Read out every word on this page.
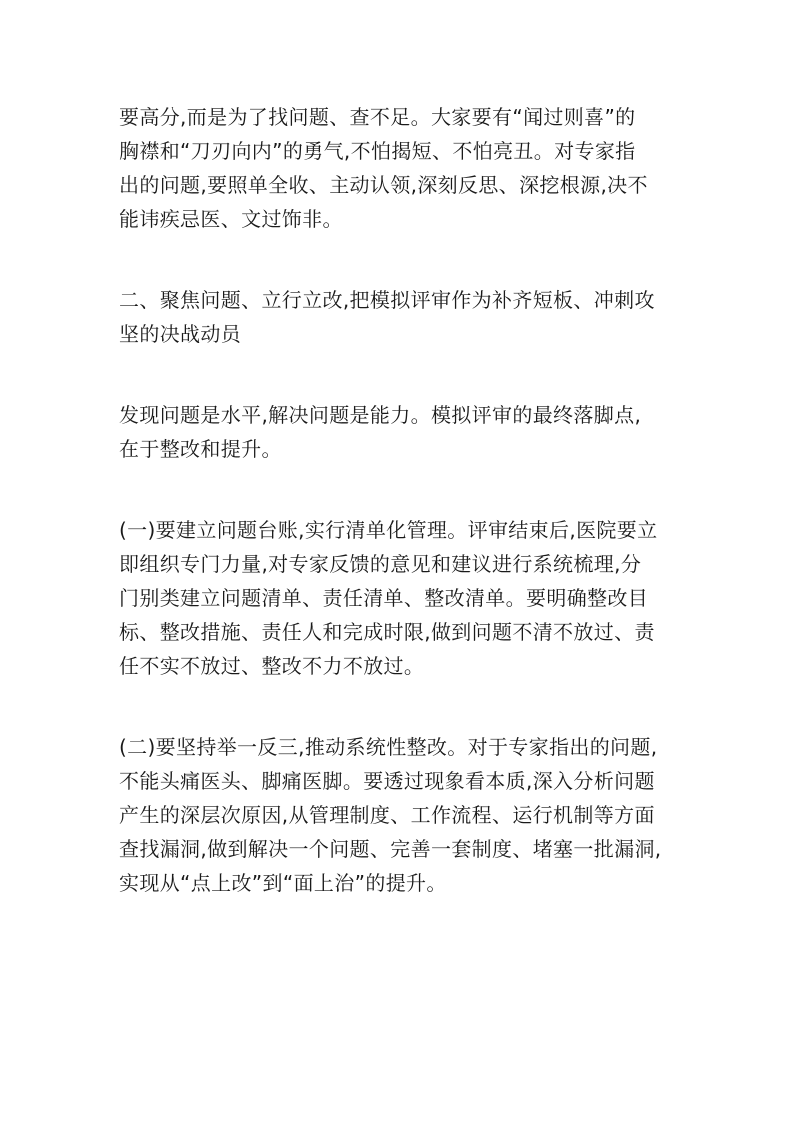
要高分,而是为了找问题、查不足。大家要有“闻过则喜”的
胸襟和“刀刃向内”的勇气,不怕揭短、不怕亮丑。对专家指
出的问题,要照单全收、主动认领,深刻反思、深挖根源,决不
能讳疾忌医、文过饰非。

二、聚焦问题、立行立改,把模拟评审作为补齐短板、冲刺攻
坚的决战动员

发现问题是水平,解决问题是能力。模拟评审的最终落脚点,
在于整改和提升。

(一)要建立问题台账,实行清单化管理。评审结束后,医院要立
即组织专门力量,对专家反馈的意见和建议进行系统梳理,分
门别类建立问题清单、责任清单、整改清单。要明确整改目
标、整改措施、责任人和完成时限,做到问题不清不放过、责
任不实不放过、整改不力不放过。

(二)要坚持举一反三,推动系统性整改。对于专家指出的问题,
不能头痛医头、脚痛医脚。要透过现象看本质,深入分析问题
产生的深层次原因,从管理制度、工作流程、运行机制等方面
查找漏洞,做到解决一个问题、完善一套制度、堵塞一批漏洞,
实现从“点上改”到“面上治”的提升。
